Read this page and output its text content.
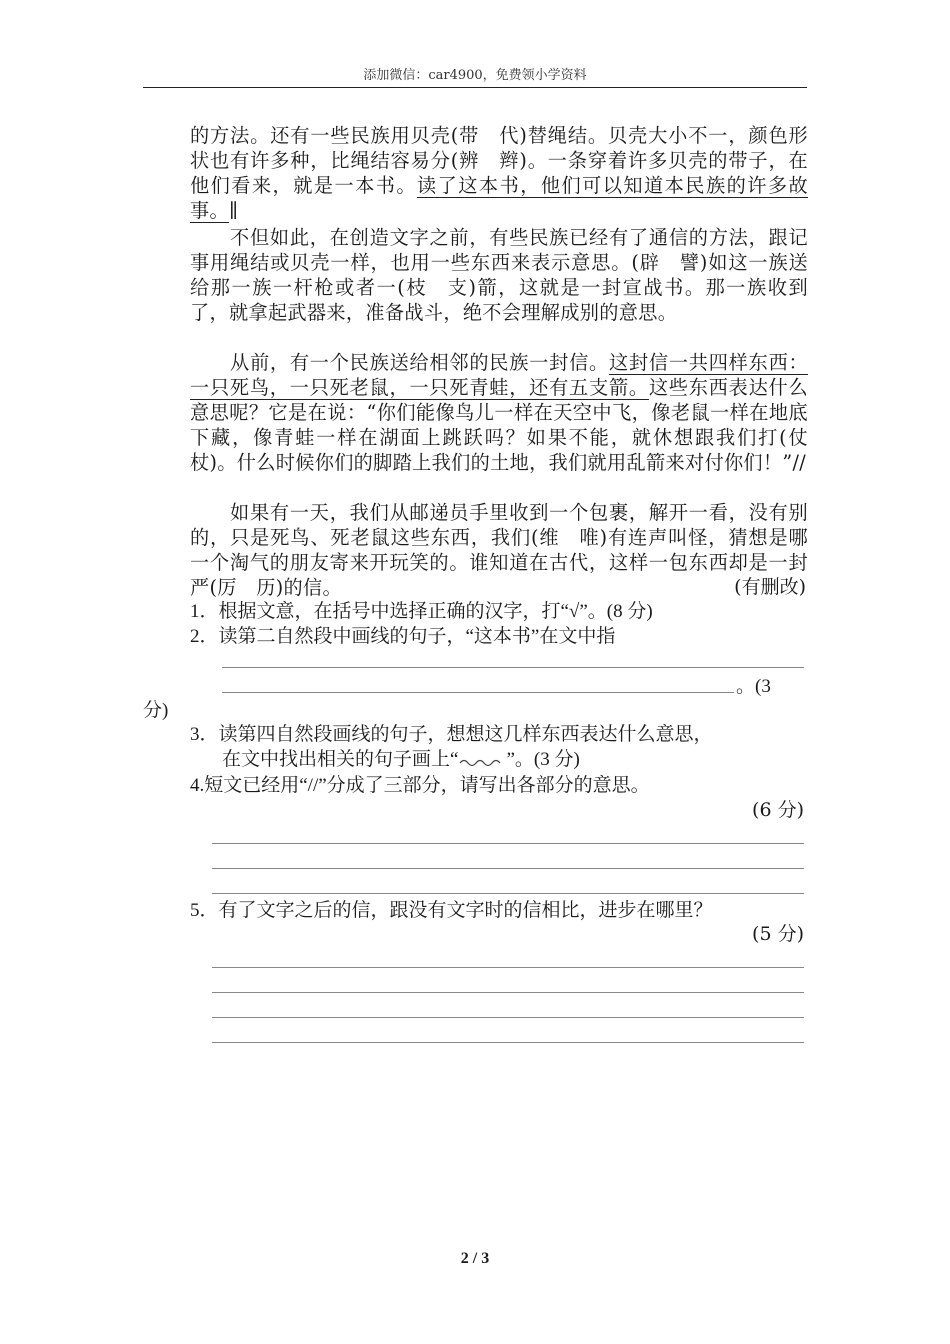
添加微信：car4900，免费领小学资料

的方法。还有一些民族用贝壳(带　代)替绳结。贝壳大小不一，颜色形状也有许多种，比绳结容易分(辨　辫)。一条穿着许多贝壳的带子，在他们看来，就是一本书。读了这本书，他们可以知道本民族的许多故事。∥

不但如此，在创造文字之前，有些民族已经有了通信的方法，跟记事用绳结或贝壳一样，也用一些东西来表示意思。(辟　譬)如这一族送给那一族一杆枪或者一(枝　支)箭，这就是一封宣战书。那一族收到了，就拿起武器来，准备战斗，绝不会理解成别的意思。

从前，有一个民族送给相邻的民族一封信。这封信一共四样东西：一只死鸟，一只死老鼠，一只死青蛙，还有五支箭。这些东西表达什么意思呢？它是在说：“你们能像鸟儿一样在天空中飞，像老鼠一样在地底下藏，像青蛙一样在湖面上跳跃吗？如果不能，就休想跟我们打(仗　杖)。什么时候你们的脚踏上我们的土地，我们就用乱箭来对付你们！”//

如果有一天，我们从邮递员手里收到一个包裹，解开一看，没有别的，只是死鸟、死老鼠这些东西，我们(维　唯)有连声叫怪，猜想是哪一个淘气的朋友寄来开玩笑的。谁知道在古代，这样一包东西却是一封严(厉　历)的信。	(有删改)

1．根据文意，在括号中选择正确的汉字，打“√”。(8 分)

2．读第二自然段中画线的句子，“这本书”在文中指

。(3
分)

3．读第四自然段画线的句子，想想这几样东西表达什么意思，

在文中找出相关的句子画上“	”。(3 分)

4.短文已经用“//”分成了三部分，请写出各部分的意思。

(6 分)

5．有了文字之后的信，跟没有文字时的信相比，进步在哪里？

(5 分)
2 / 3
